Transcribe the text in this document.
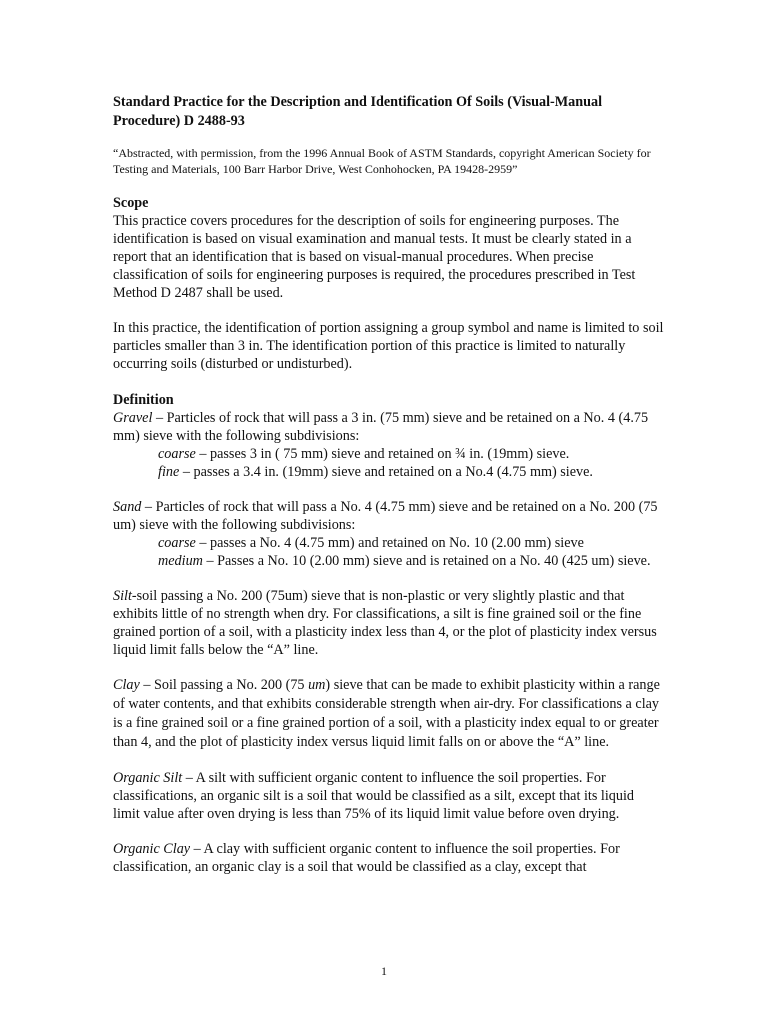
Standard Practice for the Description and Identification Of Soils (Visual-Manual Procedure) D 2488-93
“Abstracted, with permission, from the 1996 Annual Book of ASTM Standards, copyright American Society for Testing and Materials, 100 Barr Harbor Drive, West Conhohocken, PA 19428-2959”
Scope

This practice covers procedures for the description of soils for engineering purposes. The identification is based on visual examination and manual tests. It must be clearly stated in a report that an identification that is based on visual-manual procedures. When precise classification of soils for engineering purposes is required, the procedures prescribed in Test Method D 2487 shall be used.

In this practice, the identification of portion assigning a group symbol and name is limited to soil particles smaller than 3 in. The identification portion of this practice is limited to naturally occurring soils (disturbed or undisturbed).

Definition

Gravel – Particles of rock that will pass a 3 in. (75 mm) sieve and be retained on a No. 4 (4.75 mm) sieve with the following subdivisions:

coarse – passes 3 in ( 75 mm) sieve and retained on ¾ in. (19mm) sieve.

fine – passes a 3.4 in. (19mm) sieve and retained on a No.4 (4.75 mm) sieve.

Sand – Particles of rock that will pass a No. 4 (4.75 mm) sieve and be retained on a No. 200 (75 um) sieve with the following subdivisions:

coarse – passes a No. 4 (4.75 mm) and retained on No. 10 (2.00 mm) sieve

medium – Passes a No. 10 (2.00 mm) sieve and is retained on a No. 40 (425 um) sieve.

Silt-soil passing a No. 200 (75um) sieve that is non-plastic or very slightly plastic and that exhibits little of no strength when dry. For classifications, a silt is fine grained soil or the fine grained portion of a soil, with a plasticity index less than 4, or the plot of plasticity index versus liquid limit falls below the “A” line.

Clay – Soil passing a No. 200 (75 um) sieve that can be made to exhibit plasticity within a range of water contents, and that exhibits considerable strength when air-dry. For classifications a clay is a fine grained soil or a fine grained portion of a soil, with a plasticity index equal to or greater than 4, and the plot of plasticity index versus liquid limit falls on or above the “A” line.

Organic Silt – A silt with sufficient organic content to influence the soil properties. For classifications, an organic silt is a soil that would be classified as a silt, except that its liquid limit value after oven drying is less than 75% of its liquid limit value before oven drying.

Organic Clay – A clay with sufficient organic content to influence the soil properties. For classification, an organic clay is a soil that would be classified as a clay, except that

1
